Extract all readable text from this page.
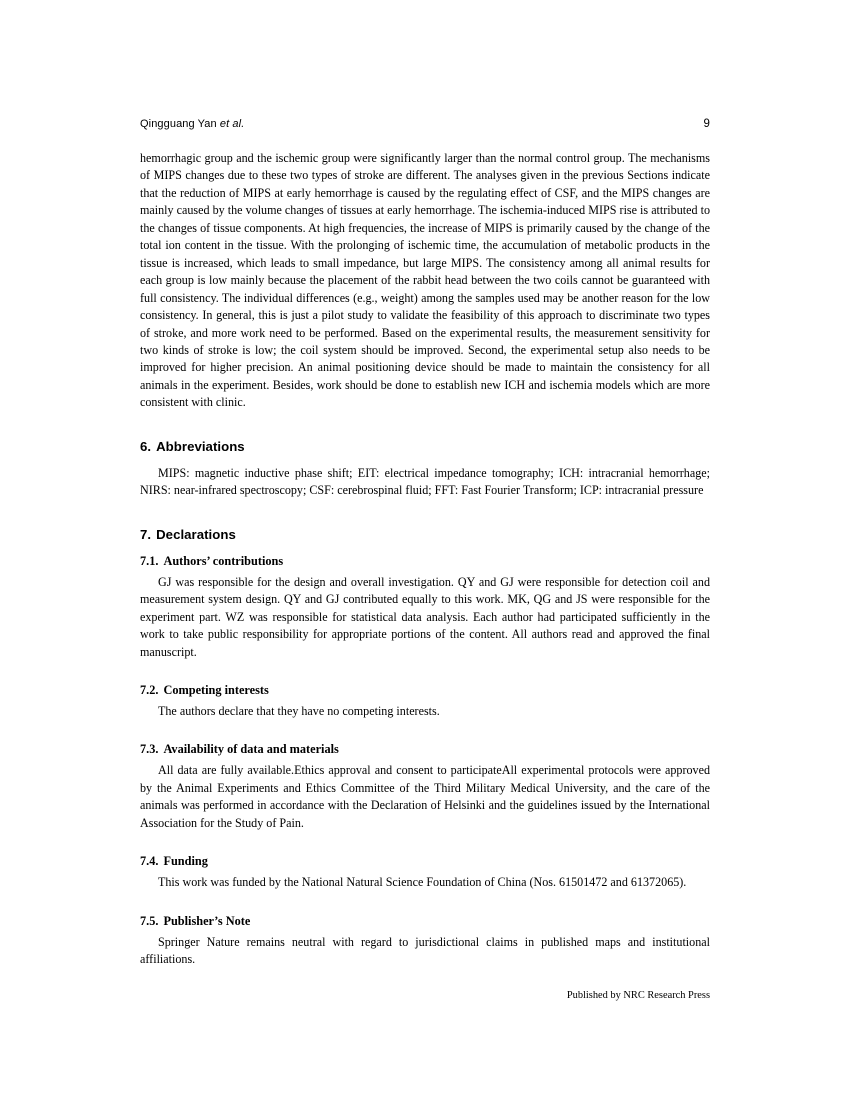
Qingguang Yan et al.	9

hemorrhagic group and the ischemic group were significantly larger than the normal control group. The mechanisms of MIPS changes due to these two types of stroke are different. The analyses given in the previous Sections indicate that the reduction of MIPS at early hemorrhage is caused by the regulating effect of CSF, and the MIPS changes are mainly caused by the volume changes of tissues at early hemorrhage. The ischemia-induced MIPS rise is attributed to the changes of tissue components. At high frequencies, the increase of MIPS is primarily caused by the change of the total ion content in the tissue. With the prolonging of ischemic time, the accumulation of metabolic products in the tissue is increased, which leads to small impedance, but large MIPS. The consistency among all animal results for each group is low mainly because the placement of the rabbit head between the two coils cannot be guaranteed with full consistency. The individual differences (e.g., weight) among the samples used may be another reason for the low consistency. In general, this is just a pilot study to validate the feasibility of this approach to discriminate two types of stroke, and more work need to be performed. Based on the experimental results, the measurement sensitivity for two kinds of stroke is low; the coil system should be improved. Second, the experimental setup also needs to be improved for higher precision. An animal positioning device should be made to maintain the consistency for all animals in the experiment. Besides, work should be done to establish new ICH and ischemia models which are more consistent with clinic.

6. Abbreviations

MIPS: magnetic inductive phase shift; EIT: electrical impedance tomography; ICH: intracranial hemorrhage; NIRS: near-infrared spectroscopy; CSF: cerebrospinal fluid; FFT: Fast Fourier Transform; ICP: intracranial pressure

7. Declarations
7.1. Authors’ contributions

GJ was responsible for the design and overall investigation. QY and GJ were responsible for detection coil and measurement system design. QY and GJ contributed equally to this work. MK, QG and JS were responsible for the experiment part. WZ was responsible for statistical data analysis. Each author had participated sufficiently in the work to take public responsibility for appropriate portions of the content. All authors read and approved the final manuscript.

7.2. Competing interests

The authors declare that they have no competing interests.

7.3. Availability of data and materials

All data are fully available.Ethics approval and consent to participateAll experimental protocols were approved by the Animal Experiments and Ethics Committee of the Third Military Medical University, and the care of the animals was performed in accordance with the Declaration of Helsinki and the guidelines issued by the International Association for the Study of Pain.

7.4. Funding

This work was funded by the National Natural Science Foundation of China (Nos. 61501472 and 61372065).

7.5. Publisher’s Note

Springer Nature remains neutral with regard to jurisdictional claims in published maps and institutional affiliations.

Published by NRC Research Press
